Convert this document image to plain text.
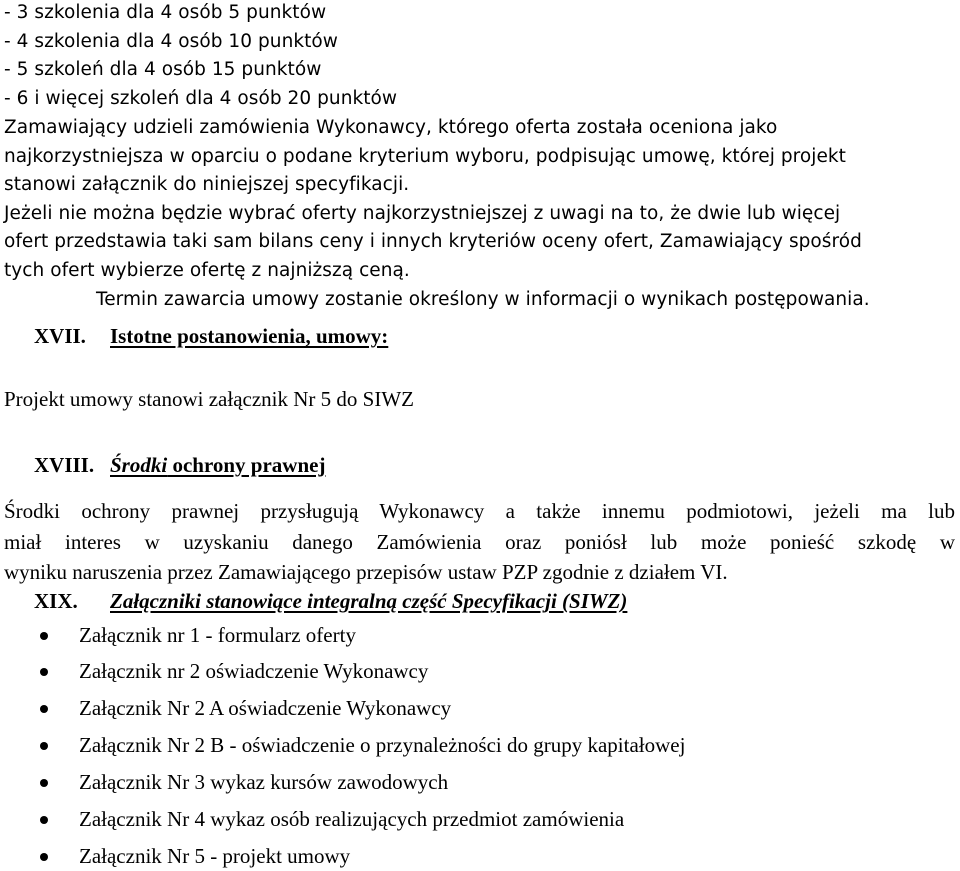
- 3 szkolenia dla 4 osób 5 punktów
- 4 szkolenia dla 4 osób 10 punktów
- 5 szkoleń dla 4 osób 15 punktów
- 6 i więcej szkoleń dla 4 osób 20 punktów
Zamawiający udzieli zamówienia Wykonawcy, którego oferta została oceniona jako
najkorzystniejsza w oparciu o podane kryterium wyboru, podpisując umowę, której projekt
stanowi załącznik do niniejszej specyfikacji.
Jeżeli nie można będzie wybrać oferty najkorzystniejszej z uwagi na to, że dwie lub więcej
ofert przedstawia taki sam bilans ceny i innych kryteriów oceny ofert, Zamawiający spośród
tych ofert wybierze ofertę z najniższą ceną.
Termin zawarcia umowy zostanie określony w informacji o wynikach postępowania.
XVII. Istotne postanowienia, umowy:
Projekt umowy stanowi załącznik Nr 5 do SIWZ
XVIII. Środki ochrony prawnej
Środki ochrony prawnej przysługują Wykonawcy a także innemu podmiotowi, jeżeli ma lub
miał interes w uzyskaniu danego Zamówienia oraz poniósł lub może ponieść szkodę w
wyniku naruszenia przez Zamawiającego przepisów ustaw PZP zgodnie z działem VI.
XIX. Załączniki stanowiące integralną część Specyfikacji (SIWZ)
Załącznik nr 1 - formularz oferty
Załącznik nr 2 oświadczenie Wykonawcy
Załącznik Nr 2 A oświadczenie Wykonawcy
Załącznik Nr 2 B - oświadczenie o przynależności do grupy kapitałowej
Załącznik Nr 3 wykaz kursów zawodowych
Załącznik Nr 4 wykaz osób realizujących przedmiot zamówienia
Załącznik Nr 5 - projekt umowy
